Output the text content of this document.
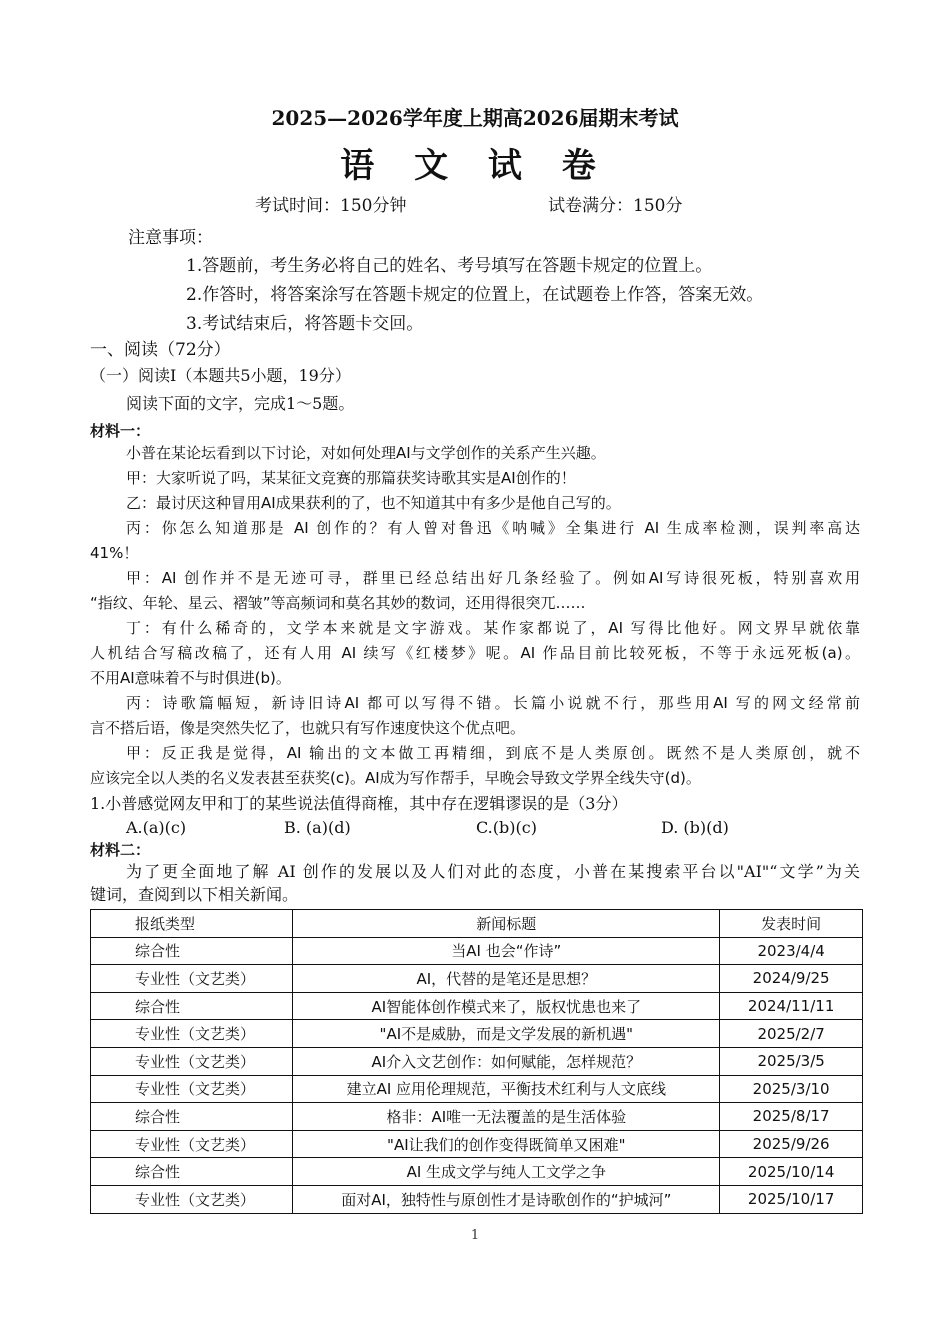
2025—2026学年度上期高2026届期末考试
语 文 试 卷
考试时间：150分钟	试卷满分：150分
注意事项：
1.答题前，考生务必将自己的姓名、考号填写在答题卡规定的位置上。
2.作答时，将答案涂写在答题卡规定的位置上，在试题卷上作答，答案无效。
3.考试结束后，将答题卡交回。
一、阅读（72分）
（一）阅读Ⅰ（本题共5小题，19分）
阅读下面的文字，完成1～5题。
材料一：
小普在某论坛看到以下讨论，对如何处理AI与文学创作的关系产生兴趣。
甲：大家听说了吗，某某征文竞赛的那篇获奖诗歌其实是AI创作的！
乙：最讨厌这种冒用AI成果获利的了，也不知道其中有多少是他自己写的。
丙：你怎么知道那是 AI 创作的？有人曾对鲁迅《呐喊》全集进行 AI 生成率检测，误判率高达
41%！
甲：AI 创作并不是无迹可寻，群里已经总结出好几条经验了。例如AI写诗很死板，特别喜欢用
“指纹、年轮、星云、褶皱”等高频词和莫名其妙的数词，还用得很突兀……
丁：有什么稀奇的，文学本来就是文字游戏。某作家都说了，AI 写得比他好。网文界早就依靠
人机结合写稿改稿了，还有人用 AI 续写《红楼梦》呢。AI 作品目前比较死板，不等于永远死板(a)。
不用AI意味着不与时俱进(b)。
丙：诗歌篇幅短，新诗旧诗AI 都可以写得不错。长篇小说就不行，那些用AI 写的网文经常前
言不搭后语，像是突然失忆了，也就只有写作速度快这个优点吧。
甲：反正我是觉得，AI 输出的文本做工再精细，到底不是人类原创。既然不是人类原创，就不
应该完全以人类的名义发表甚至获奖(c)。AI成为写作帮手，早晚会导致文学界全线失守(d)。
1.小普感觉网友甲和丁的某些说法值得商榷，其中存在逻辑谬误的是（3分）
A.(a)(c)	B. (a)(d)	C.(b)(c)	D. (b)(d)
材料二：
为了更全面地了解 AI 创作的发展以及人们对此的态度，小普在某搜索平台以"AI"“文学”为关
键词，查阅到以下相关新闻。
报纸类型	新闻标题	发表时间
综合性	当AI 也会“作诗”	2023/4/4
专业性（文艺类）	AI，代替的是笔还是思想？	2024/9/25
综合性	AI智能体创作模式来了，版权忧患也来了	2024/11/11
专业性（文艺类）	"AI不是威胁，而是文学发展的新机遇"	2025/2/7
专业性（文艺类）	AI介入文艺创作：如何赋能，怎样规范？	2025/3/5
专业性（文艺类）	建立AI 应用伦理规范，平衡技术红利与人文底线	2025/3/10
综合性	格非：AI唯一无法覆盖的是生活体验	2025/8/17
专业性（文艺类）	"AI让我们的创作变得既简单又困难"	2025/9/26
综合性	AI 生成文学与纯人工文学之争	2025/10/14
专业性（文艺类）	面对AI，独特性与原创性才是诗歌创作的“护城河”	2025/10/17
1
